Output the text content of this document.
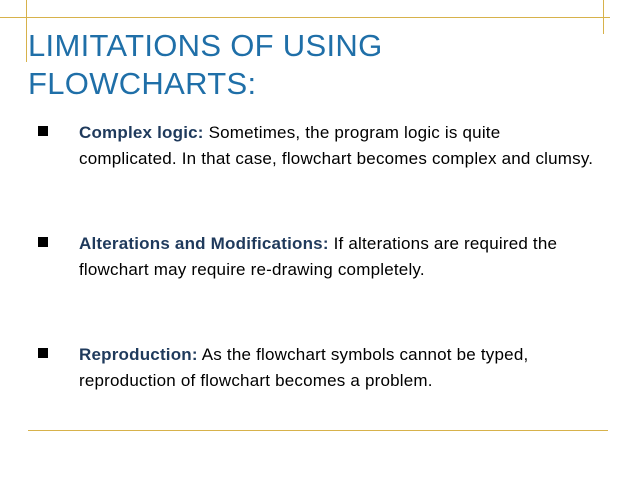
LIMITATIONS OF USING FLOWCHARTS:
Complex logic: Sometimes, the program logic is quite complicated. In that case, flowchart becomes complex and clumsy.
Alterations and Modifications: If alterations are required the flowchart may require re-drawing completely.
Reproduction: As the flowchart symbols cannot be typed, reproduction of flowchart becomes a problem.
